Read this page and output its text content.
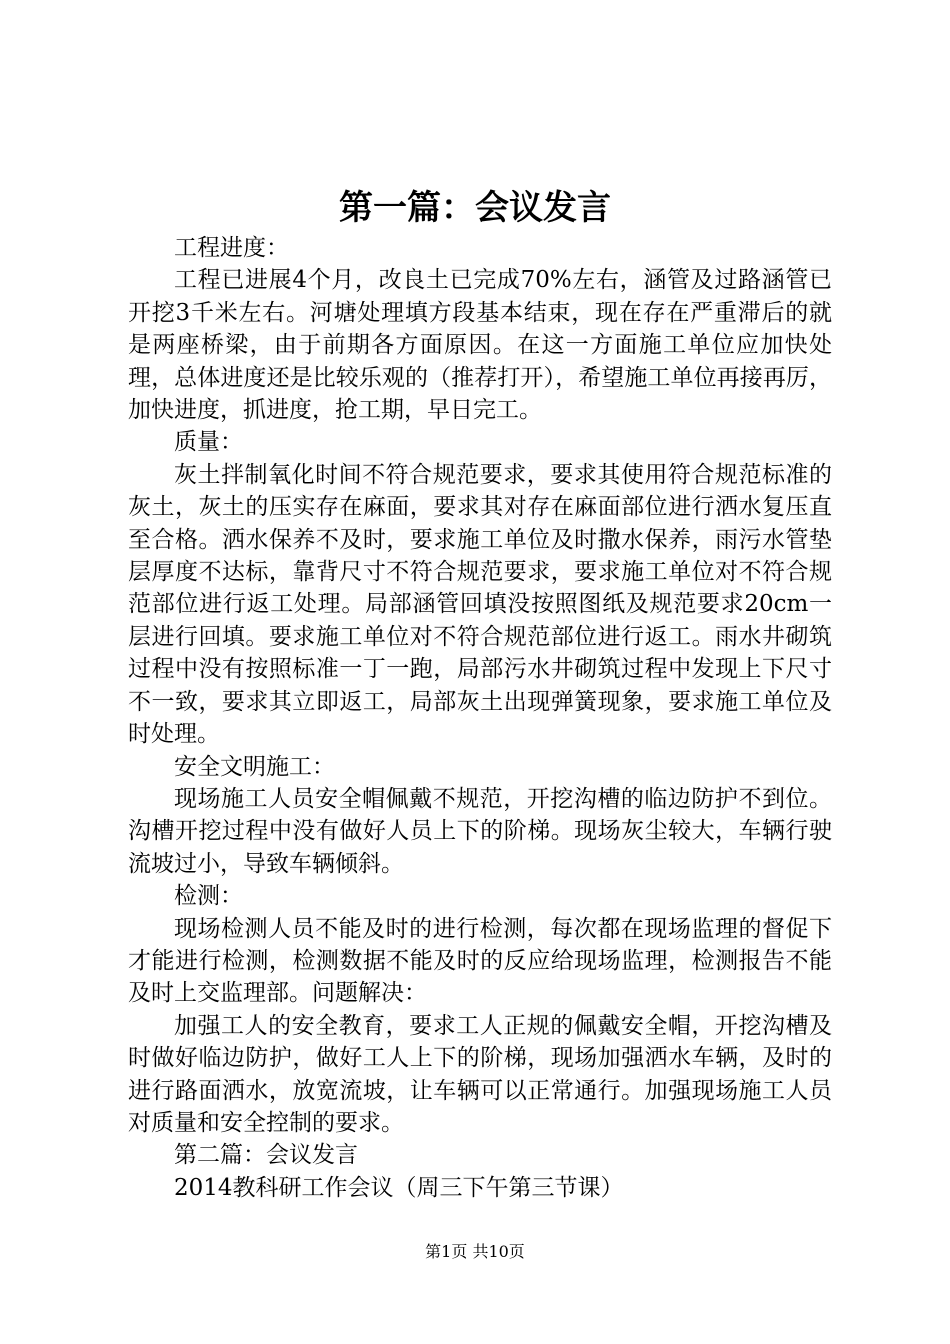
第一篇：会议发言

工程进度：

工程已进展4个月，改良土已完成70%左右，涵管及过路涵管已开挖3千米左右。河塘处理填方段基本结束，现在存在严重滞后的就是两座桥梁，由于前期各方面原因。在这一方面施工单位应加快处理，总体进度还是比较乐观的（推荐打开），希望施工单位再接再厉，加快进度，抓进度，抢工期，早日完工。

质量：

灰土拌制氧化时间不符合规范要求，要求其使用符合规范标准的灰土，灰土的压实存在麻面，要求其对存在麻面部位进行洒水复压直至合格。洒水保养不及时，要求施工单位及时撒水保养，雨污水管垫层厚度不达标，靠背尺寸不符合规范要求，要求施工单位对不符合规范部位进行返工处理。局部涵管回填没按照图纸及规范要求20cm一层进行回填。要求施工单位对不符合规范部位进行返工。雨水井砌筑过程中没有按照标准一丁一跑，局部污水井砌筑过程中发现上下尺寸不一致，要求其立即返工，局部灰土出现弹簧现象，要求施工单位及时处理。

安全文明施工：

现场施工人员安全帽佩戴不规范，开挖沟槽的临边防护不到位。沟槽开挖过程中没有做好人员上下的阶梯。现场灰尘较大，车辆行驶流坡过小，导致车辆倾斜。

检测：

现场检测人员不能及时的进行检测，每次都在现场监理的督促下才能进行检测，检测数据不能及时的反应给现场监理，检测报告不能及时上交监理部。问题解决：

加强工人的安全教育，要求工人正规的佩戴安全帽，开挖沟槽及时做好临边防护，做好工人上下的阶梯，现场加强洒水车辆，及时的进行路面洒水，放宽流坡，让车辆可以正常通行。加强现场施工人员对质量和安全控制的要求。

第二篇：会议发言

2014教科研工作会议（周三下午第三节课）

第1页 共10页
